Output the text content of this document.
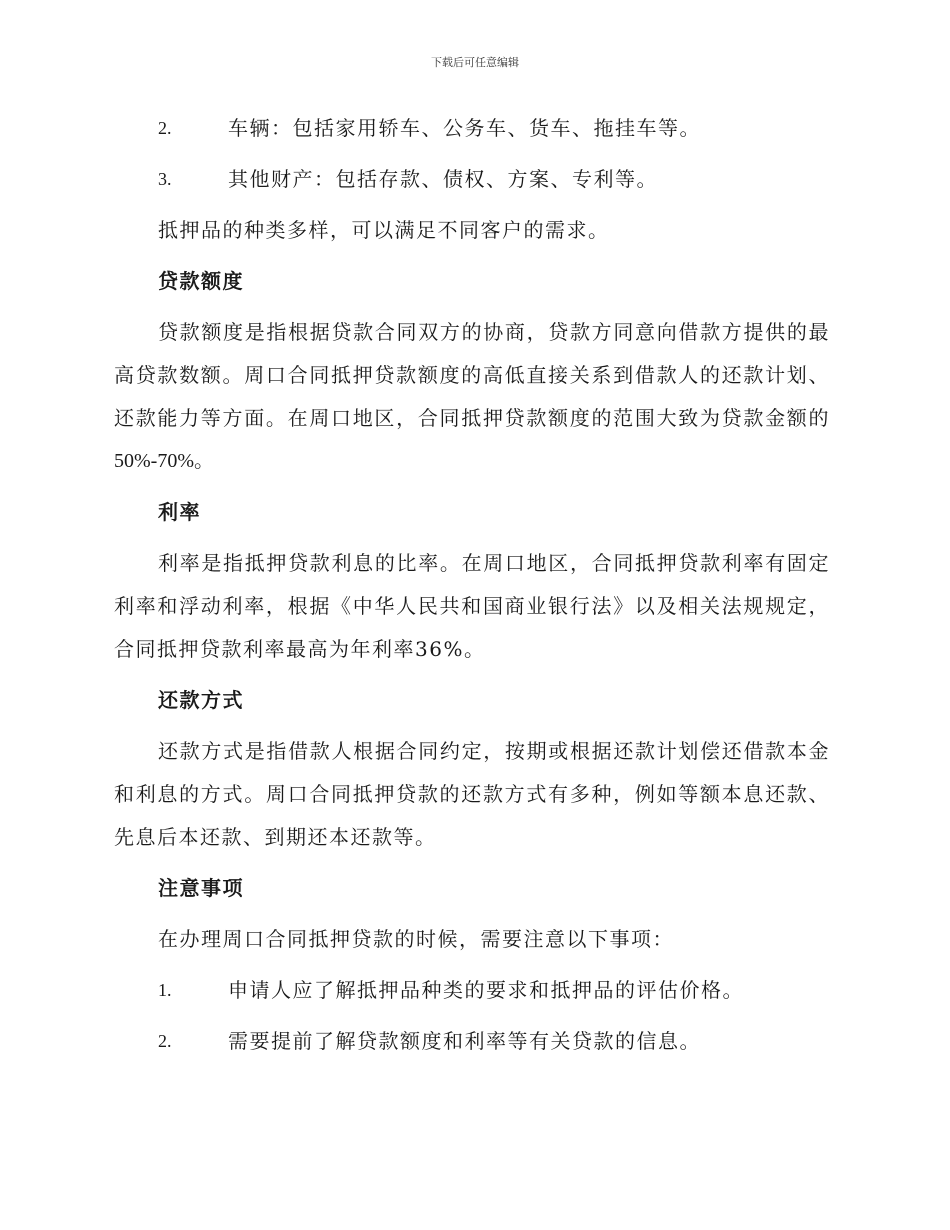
下载后可任意编辑
2.	车辆：包括家用轿车、公务车、货车、拖挂车等。
3.	其他财产：包括存款、债权、方案、专利等。
抵押品的种类多样，可以满足不同客户的需求。
贷款额度
贷款额度是指根据贷款合同双方的协商，贷款方同意向借款方提供的最
高贷款数额。周口合同抵押贷款额度的高低直接关系到借款人的还款计划、
还款能力等方面。在周口地区，合同抵押贷款额度的范围大致为贷款金额的
50%-70%。
利率
利率是指抵押贷款利息的比率。在周口地区，合同抵押贷款利率有固定
利率和浮动利率，根据《中华人民共和国商业银行法》以及相关法规规定，
合同抵押贷款利率最高为年利率36%。
还款方式
还款方式是指借款人根据合同约定，按期或根据还款计划偿还借款本金
和利息的方式。周口合同抵押贷款的还款方式有多种，例如等额本息还款、
先息后本还款、到期还本还款等。
注意事项
在办理周口合同抵押贷款的时候，需要注意以下事项：
1.	申请人应了解抵押品种类的要求和抵押品的评估价格。
2.	需要提前了解贷款额度和利率等有关贷款的信息。
